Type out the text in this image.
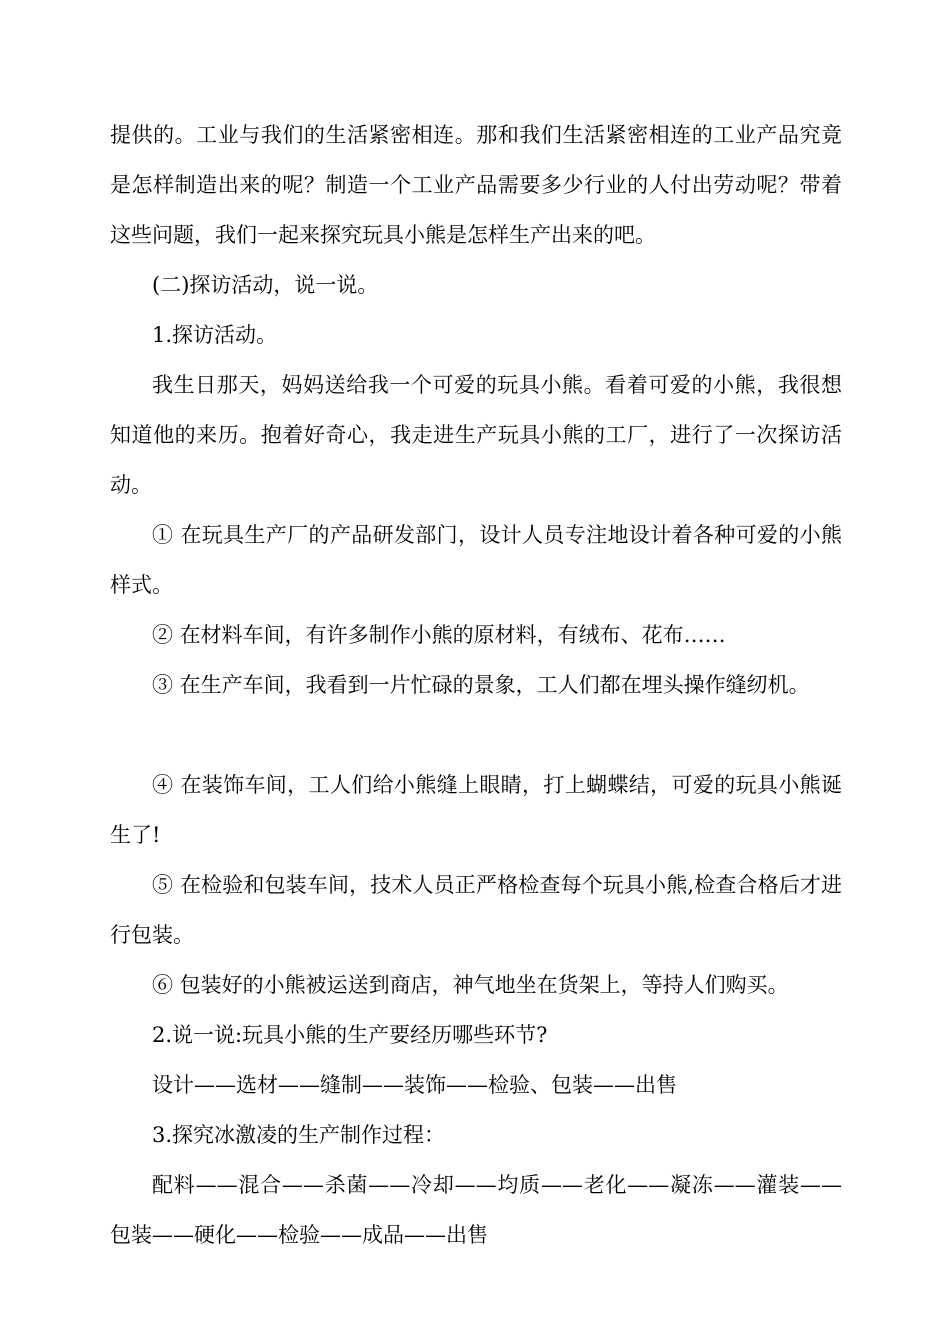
提供的。工业与我们的生活紧密相连。那和我们生活紧密相连的工业产品究竟是怎样制造出来的呢？制造一个工业产品需要多少行业的人付出劳动呢？带着这些问题，我们一起来探究玩具小熊是怎样生产出来的吧。

(二)探访活动，说一说。

1.探访活动。

我生日那天，妈妈送给我一个可爱的玩具小熊。看着可爱的小熊，我很想知道他的来历。抱着好奇心，我走进生产玩具小熊的工厂，进行了一次探访活动。

① 在玩具生产厂的产品研发部门，设计人员专注地设计着各种可爱的小熊样式。

② 在材料车间，有许多制作小熊的原材料，有绒布、花布……

③ 在生产车间，我看到一片忙碌的景象，工人们都在埋头操作缝纫机。

④ 在装饰车间，工人们给小熊缝上眼睛，打上蝴蝶结，可爱的玩具小熊诞生了!

⑤ 在检验和包装车间，技术人员正严格检查每个玩具小熊,检查合格后才进行包装。

⑥ 包装好的小熊被运送到商店，神气地坐在货架上，等持人们购买。

2.说一说:玩具小熊的生产要经历哪些环节?

设计——选材——缝制——装饰——检验、包装——出售

3.探究冰激凌的生产制作过程：

配料——混合——杀菌——冷却——均质——老化——凝冻——灌装——包装——硬化——检验——成品——出售
